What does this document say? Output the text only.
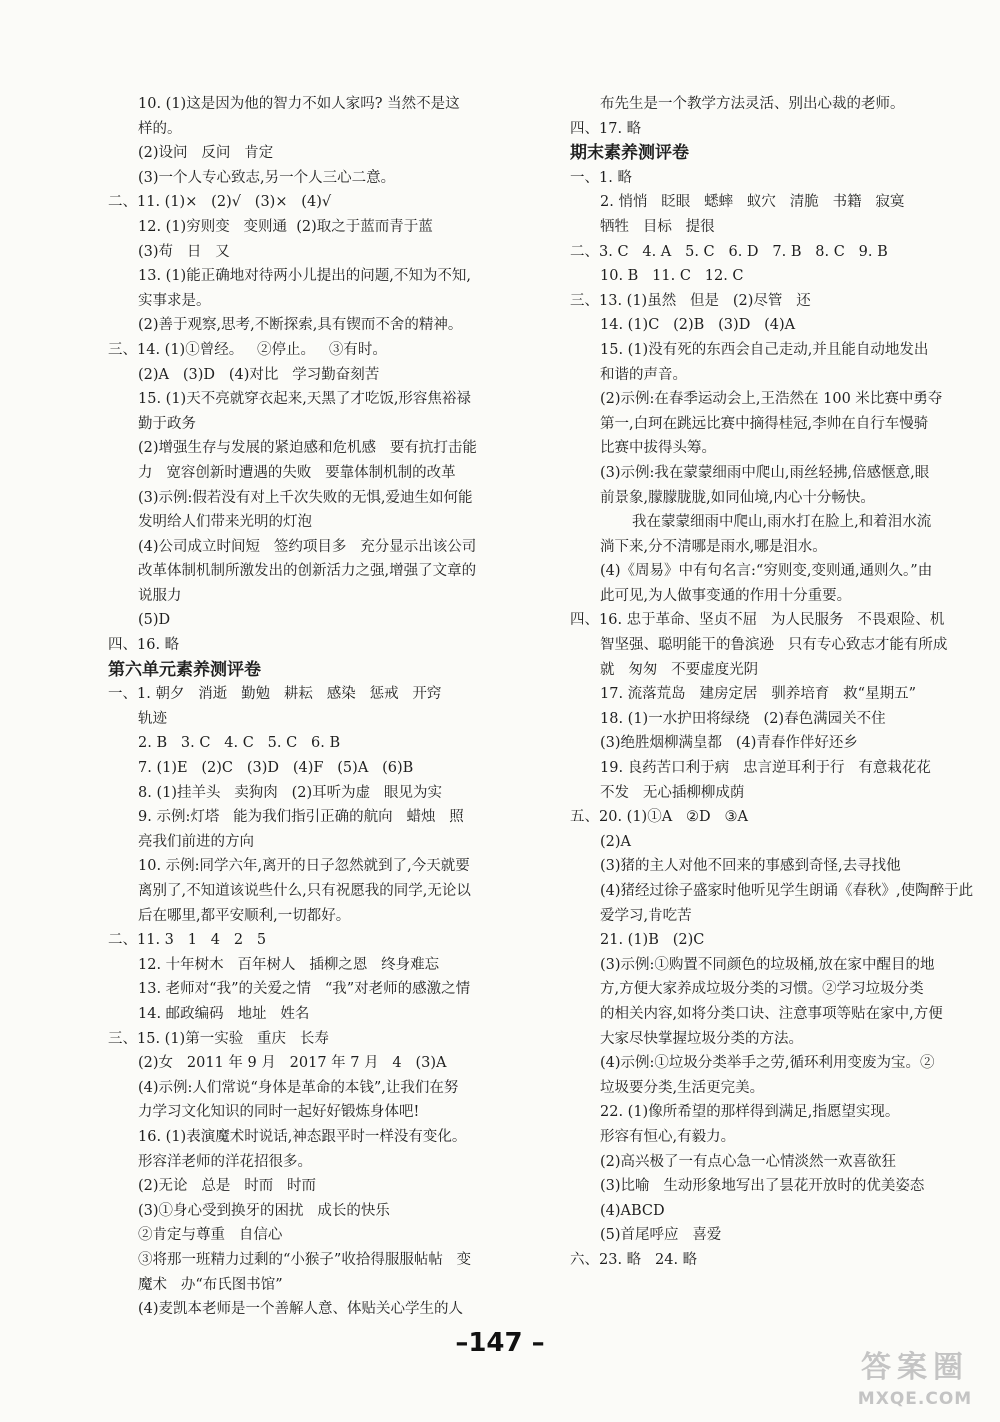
10. (1)这是因为他的智力不如人家吗? 当然不是这
样的。
(2)设问   反问   肯定
(3)一个人专心致志,另一个人三心二意。
二、11. (1)×   (2)√   (3)×   (4)√
12. (1)穷则变   变则通  (2)取之于蓝而青于蓝
(3)苟   日   又
13. (1)能正确地对待两小儿提出的问题,不知为不知,
实事求是。
(2)善于观察,思考,不断探索,具有锲而不舍的精神。
三、14. (1)①曾经。   ②停止。   ③有时。
(2)A   (3)D   (4)对比   学习勤奋刻苦
15. (1)天不亮就穿衣起来,天黑了才吃饭,形容焦裕禄
勤于政务
(2)增强生存与发展的紧迫感和危机感   要有抗打击能
力   宽容创新时遭遇的失败   要靠体制机制的改革
(3)示例:假若没有对上千次失败的无惧,爱迪生如何能
发明给人们带来光明的灯泡
(4)公司成立时间短   签约项目多   充分显示出该公司
改革体制机制所激发出的创新活力之强,增强了文章的
说服力
(5)D
四、16. 略
第六单元素养测评卷
一、1. 朝夕   消逝   勤勉   耕耘   感染   惩戒   开窍
轨迹
2. B   3. C   4. C   5. C   6. B
7. (1)E   (2)C   (3)D   (4)F   (5)A   (6)B
8. (1)挂羊头   卖狗肉   (2)耳听为虚   眼见为实
9. 示例:灯塔   能为我们指引正确的航向   蜡烛   照
亮我们前进的方向
10. 示例:同学六年,离开的日子忽然就到了,今天就要
离别了,不知道该说些什么,只有祝愿我的同学,无论以
后在哪里,都平安顺利,一切都好。
二、11. 3   1   4   2   5
12. 十年树木   百年树人   插柳之恩   终身难忘
13. 老师对“我”的关爱之情   “我”对老师的感激之情
14. 邮政编码   地址   姓名
三、15. (1)第一实验   重庆   长寿
(2)女   2011 年 9 月   2017 年 7 月   4   (3)A
(4)示例:人们常说“身体是革命的本钱”,让我们在努
力学习文化知识的同时一起好好锻炼身体吧!
16. (1)表演魔术时说话,神态跟平时一样没有变化。
形容洋老师的洋花招很多。
(2)无论   总是   时而   时而
(3)①身心受到换牙的困扰   成长的快乐
②肯定与尊重   自信心
③将那一班精力过剩的“小猴子”收拾得服服帖帖   变
魔术   办“布氏图书馆”
(4)麦凯本老师是一个善解人意、体贴关心学生的人
布先生是一个教学方法灵活、别出心裁的老师。
四、17. 略
期末素养测评卷
一、1. 略
2. 悄悄   眨眼   蟋蟀   蚁穴   清脆   书籍   寂寞
牺牲   目标   提很
二、3. C   4. A   5. C   6. D   7. B   8. C   9. B
10. B   11. C   12. C
三、13. (1)虽然   但是   (2)尽管   还
14. (1)C   (2)B   (3)D   (4)A
15. (1)没有死的东西会自己走动,并且能自动地发出
和谐的声音。
(2)示例:在春季运动会上,王浩然在 100 米比赛中勇夺
第一,白珂在跳远比赛中摘得桂冠,李帅在自行车慢骑
比赛中拔得头筹。
(3)示例:我在蒙蒙细雨中爬山,雨丝轻拂,倍感惬意,眼
前景象,朦朦胧胧,如同仙境,内心十分畅快。
我在蒙蒙细雨中爬山,雨水打在脸上,和着泪水流
淌下来,分不清哪是雨水,哪是泪水。
(4)《周易》中有句名言:“穷则变,变则通,通则久。”由
此可见,为人做事变通的作用十分重要。
四、16. 忠于革命、坚贞不屈   为人民服务   不畏艰险、机
智坚强、聪明能干的鲁滨逊   只有专心致志才能有所成
就   匆匆   不要虚度光阴
17. 流落荒岛   建房定居   驯养培育   救“星期五”
18. (1)一水护田将绿绕   (2)春色满园关不住
(3)绝胜烟柳满皇都   (4)青春作伴好还乡
19. 良药苦口利于病   忠言逆耳利于行   有意栽花花
不发   无心插柳柳成荫
五、20. (1)①A   ②D   ③A
(2)A
(3)猪的主人对他不回来的事感到奇怪,去寻找他
(4)猪经过徐子盛家时他听见学生朗诵《春秋》,使陶醉于此
爱学习,肯吃苦
21. (1)B   (2)C
(3)示例:①购置不同颜色的垃圾桶,放在家中醒目的地
方,方便大家养成垃圾分类的习惯。②学习垃圾分类
的相关内容,如将分类口诀、注意事项等贴在家中,方便
大家尽快掌握垃圾分类的方法。
(4)示例:①垃圾分类举手之劳,循环利用变废为宝。②
垃圾要分类,生活更完美。
22. (1)像所希望的那样得到满足,指愿望实现。
形容有恒心,有毅力。
(2)高兴极了一有点心急一心情淡然一欢喜欲狂
(3)比喻   生动形象地写出了昙花开放时的优美姿态
(4)ABCD
(5)首尾呼应   喜爱
六、23. 略   24. 略
–147 –
答案圈
MXQE.COM
